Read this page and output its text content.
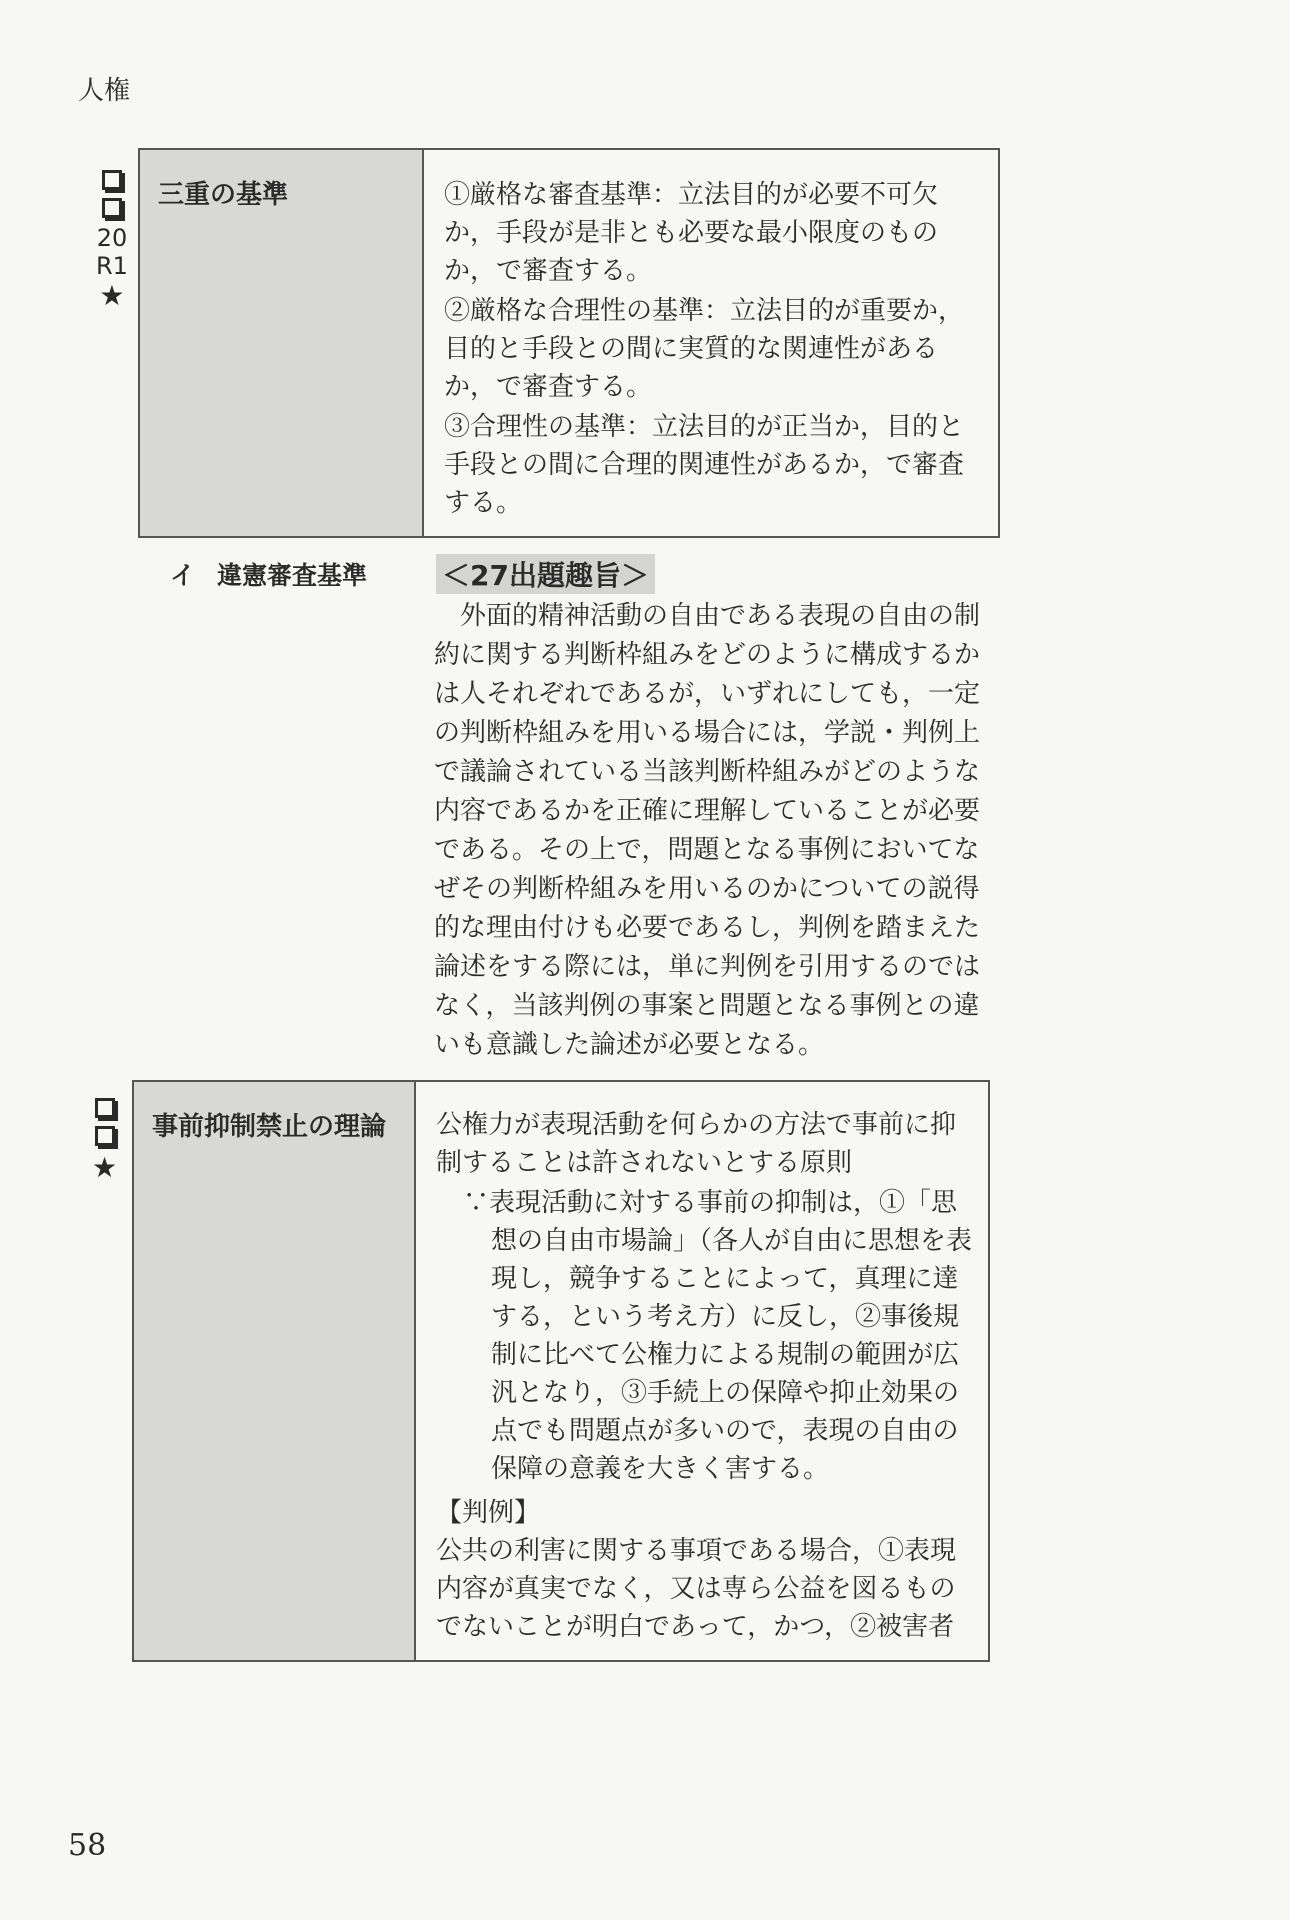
人権
20
R1
★
三重の基準	①厳格な審査基準：立法目的が必要不可欠か，手段が是非とも必要な最小限度のものか，で審査する。
②厳格な合理性の基準：立法目的が重要か，目的と手段との間に実質的な関連性があるか，で審査する。
③合理性の基準：立法目的が正当か，目的と手段との間に合理的関連性があるか，で審査する。
イ 違憲審査基準	＜27出題趣旨＞
外面的精神活動の自由である表現の自由の制約に関する判断枠組みをどのように構成するかは人それぞれであるが，いずれにしても，一定の判断枠組みを用いる場合には，学説・判例上で議論されている当該判断枠組みがどのような内容であるかを正確に理解していることが必要である。その上で，問題となる事例においてなぜその判断枠組みを用いるのかについての説得的な理由付けも必要であるし，判例を踏まえた論述をする際には，単に判例を引用するのではなく，当該判例の事案と問題となる事例との違いも意識した論述が必要となる。
★
事前抑制禁止の理論	公権力が表現活動を何らかの方法で事前に抑制することは許されないとする原則
∵表現活動に対する事前の抑制は，①「思想の自由市場論」（各人が自由に思想を表現し，競争することによって，真理に達する，という考え方）に反し，②事後規制に比べて公権力による規制の範囲が広汎となり，③手続上の保障や抑止効果の点でも問題点が多いので，表現の自由の保障の意義を大きく害する。
【判例】
公共の利害に関する事項である場合，①表現内容が真実でなく，又は専ら公益を図るものでないことが明白であって，かつ，②被害者
58
